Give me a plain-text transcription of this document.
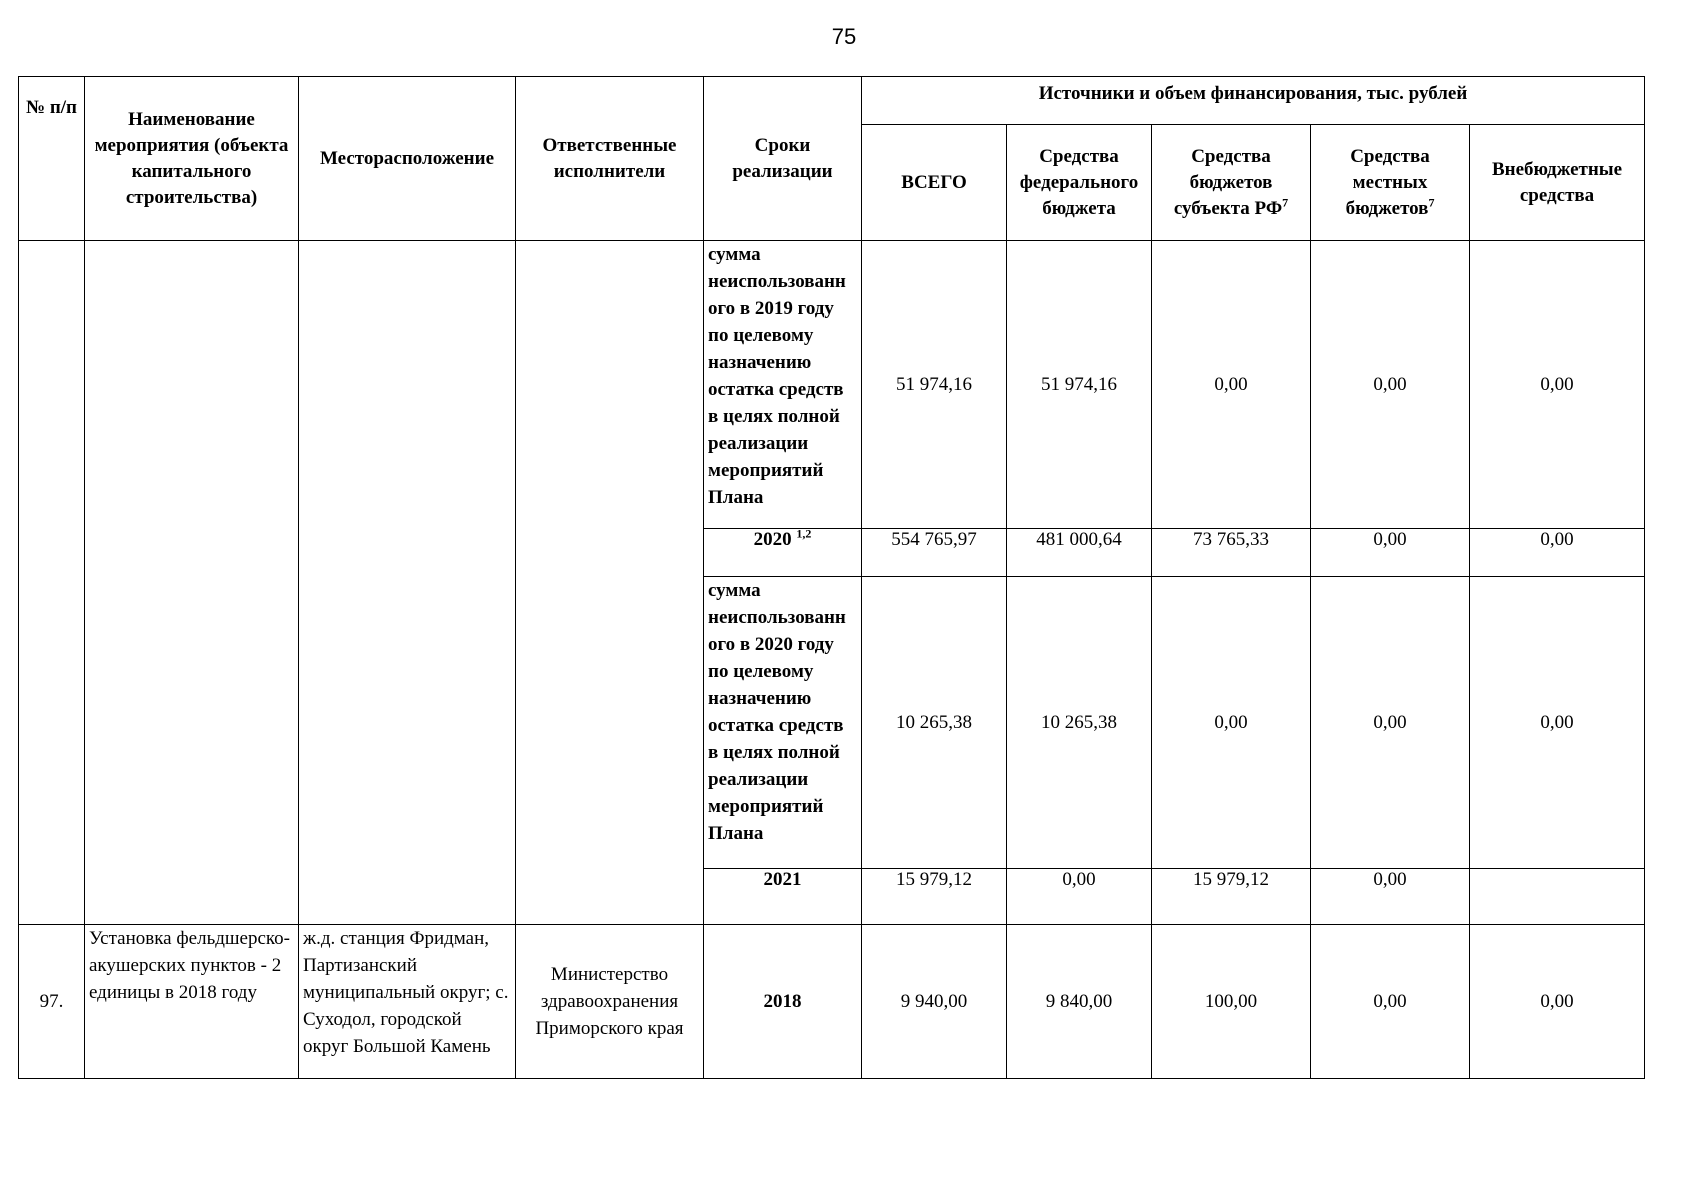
75
№ п/п	Наименование мероприятия (объекта капитального строительства)	Месторасположение	Ответственные исполнители	Сроки реализации	Источники и объем финансирования, тыс. рублей				
					ВСЕГО	Средства федерального бюджета	Средства бюджетов субъекта $РФ^7$	Средства местных бюджетов$^7$	Внебюджетные средства
				сумма неиспользованн ого в 2019 году по целевому назначению остатка средств в целях полной реализации мероприятий Плана	51 974,16	51 974,16	0,00	0,00	0,00
				2020 $^{1,2}$	554 765,97	481 000,64	73 765,33	0,00	0,00
				сумма неиспользованн ого в 2020 году по целевому назначению остатка средств в целях полной реализации мероприятий Плана	10 265,38	10 265,38	0,00	0,00	0,00
				2021	15 979,12	0,00	15 979,12	0,00	
97.	Установка фельдшерско-акушерских пунктов - 2 единицы в 2018 году	ж.д. станция Фридман, Партизанский муниципальный округ; с. Суходол, городской округ Большой Камень	Министерство здравоохранения Приморского края	2018	9 940,00	9 840,00	100,00	0,00	0,00
